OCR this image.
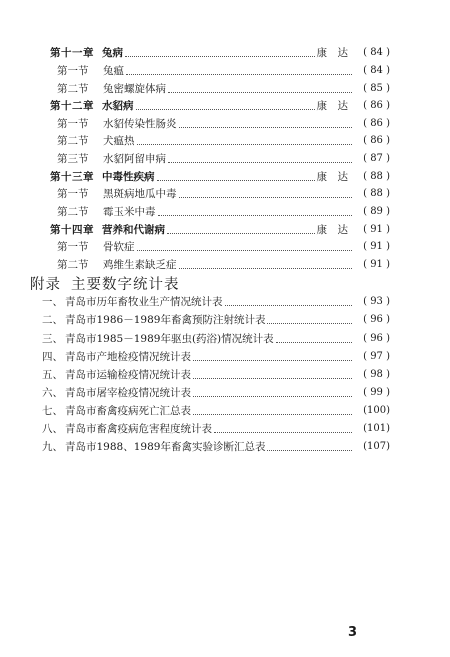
第十一章 兔病	康　达	( 84 )
第一节	兔瘟	( 84 )
第二节	兔密螺旋体病	( 85 )
第十二章 水貂病	康　达	( 86 )
第一节	水貂传染性肠炎	( 86 )
第二节	犬瘟热	( 86 )
第三节	水貂阿留申病	( 87 )
第十三章 中毒性疾病	康　达	( 88 )
第一节	黑斑病地瓜中毒	( 88 )
第二节	霉玉米中毒	( 89 )
第十四章 营养和代谢病	康　达	( 91 )
第一节	骨软症	( 91 )
第二节	鸡维生素缺乏症	( 91 )
附录 主要数字统计表
一、 青岛市历年畜牧业生产情况统计表	( 93 )
二、 青岛市1986－1989年畜禽预防注射统计表	( 96 )
三、 青岛市1985－1989年驱虫(药浴)情况统计表	( 96 )
四、 青岛市产地检疫情况统计表	( 97 )
五、 青岛市运输检疫情况统计表	( 98 )
六、 青岛市屠宰检疫情况统计表	( 99 )
七、 青岛市畜禽疫病死亡汇总表	(100)
八、 青岛市畜禽疫病危害程度统计表	(101)
九、 青岛市1988、1989年畜禽实验诊断汇总表	(107)
3
